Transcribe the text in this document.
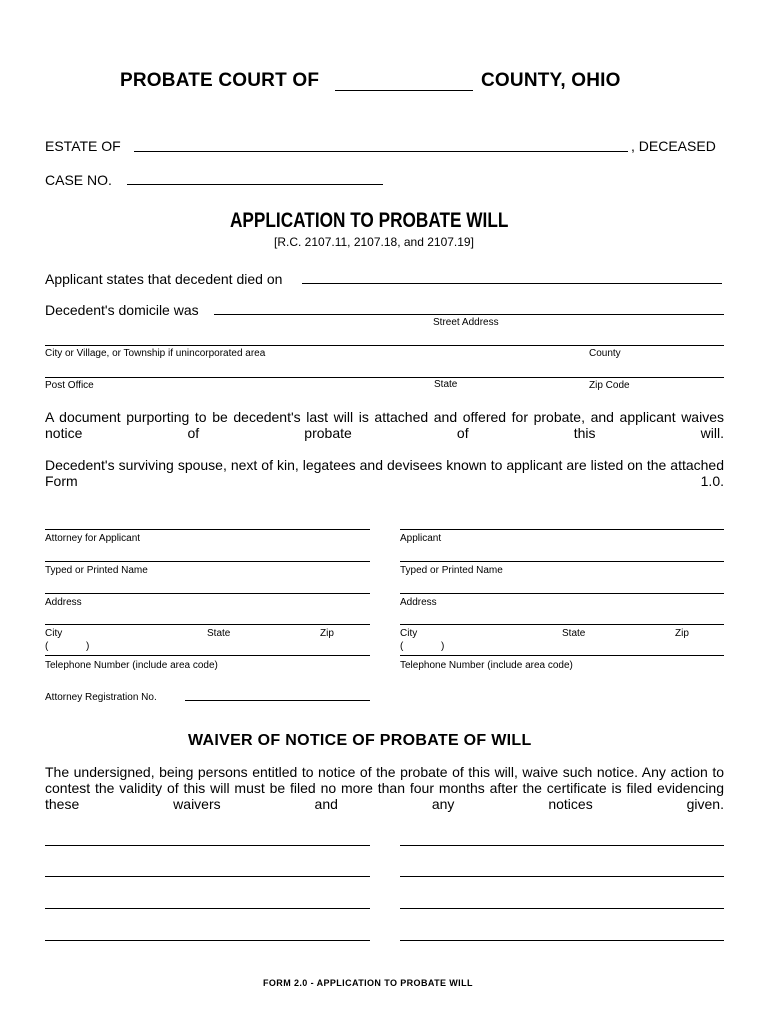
PROBATE COURT OF	COUNTY, OHIO
ESTATE OF	, DECEASED
CASE NO.
APPLICATION TO PROBATE WILL
[R.C. 2107.11, 2107.18, and 2107.19]
Applicant states that decedent died on
Decedent's domicile was
Street Address
City or Village, or Township if unincorporated area	County
Post Office	State	Zip Code
A document purporting to be decedent's last will is attached and offered for probate, and applicant waives notice of probate of this will.
Decedent's surviving spouse, next of kin, legatees and devisees known to applicant are listed on the attached Form 1.0.
Attorney for Applicant
Typed or Printed Name
Address
City	State	Zip
(	)
Telephone Number (include area code)
Attorney Registration No.
Applicant
Typed or Printed Name
Address
City	State	Zip
(	)
Telephone Number (include area code)
WAIVER OF NOTICE OF PROBATE OF WILL
The undersigned, being persons entitled to notice of the probate of this will, waive such notice. Any action to contest the validity of this will must be filed no more than four months after the certificate is filed evidencing these waivers and any notices given.
FORM 2.0 - APPLICATION TO PROBATE WILL
